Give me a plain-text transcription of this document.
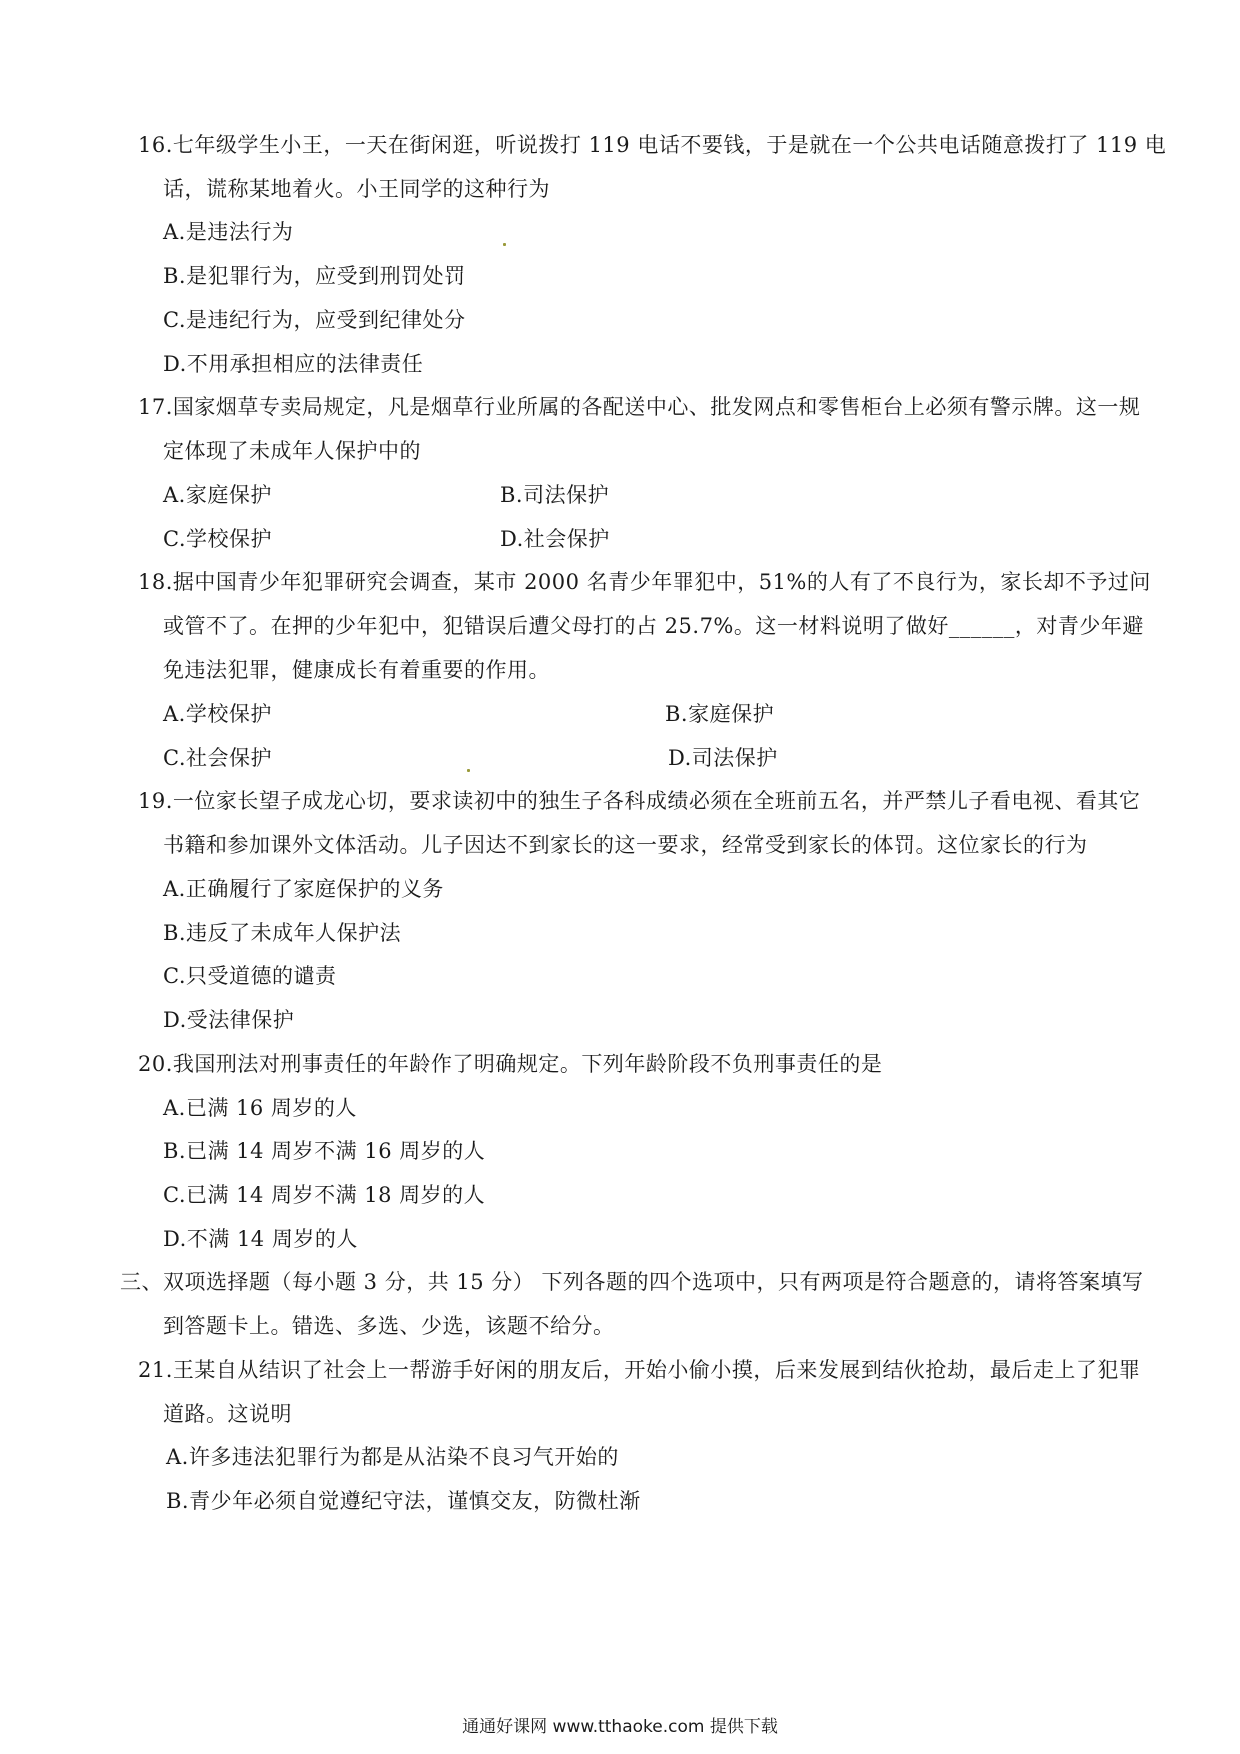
16.七年级学生小王，一天在街闲逛，听说拨打 119 电话不要钱，于是就在一个公共电话随意拨打了 119 电
话，谎称某地着火。小王同学的这种行为
A.是违法行为
B.是犯罪行为，应受到刑罚处罚
C.是违纪行为，应受到纪律处分
D.不用承担相应的法律责任
17.国家烟草专卖局规定，凡是烟草行业所属的各配送中心、批发网点和零售柜台上必须有警示牌。这一规
定体现了未成年人保护中的
A.家庭保护	B.司法保护
C.学校保护	D.社会保护
18.据中国青少年犯罪研究会调查，某市 2000 名青少年罪犯中，51%的人有了不良行为，家长却不予过问
或管不了。在押的少年犯中，犯错误后遭父母打的占 25.7%。这一材料说明了做好______，对青少年避
免违法犯罪，健康成长有着重要的作用。
A.学校保护	B.家庭保护
C.社会保护	D.司法保护
19.一位家长望子成龙心切，要求读初中的独生子各科成绩必须在全班前五名，并严禁儿子看电视、看其它
书籍和参加课外文体活动。儿子因达不到家长的这一要求，经常受到家长的体罚。这位家长的行为
A.正确履行了家庭保护的义务
B.违反了未成年人保护法
C.只受道德的谴责
D.受法律保护
20.我国刑法对刑事责任的年龄作了明确规定。下列年龄阶段不负刑事责任的是
A.已满 16 周岁的人
B.已满 14 周岁不满 16 周岁的人
C.已满 14 周岁不满 18 周岁的人
D.不满 14 周岁的人
三、双项选择题（每小题 3 分，共 15 分） 下列各题的四个选项中，只有两项是符合题意的，请将答案填写
到答题卡上。错选、多选、少选，该题不给分。
21.王某自从结识了社会上一帮游手好闲的朋友后，开始小偷小摸，后来发展到结伙抢劫，最后走上了犯罪
道路。这说明
A.许多违法犯罪行为都是从沾染不良习气开始的
B.青少年必须自觉遵纪守法，谨慎交友，防微杜渐
通通好课网 www.tthaoke.com 提供下载
